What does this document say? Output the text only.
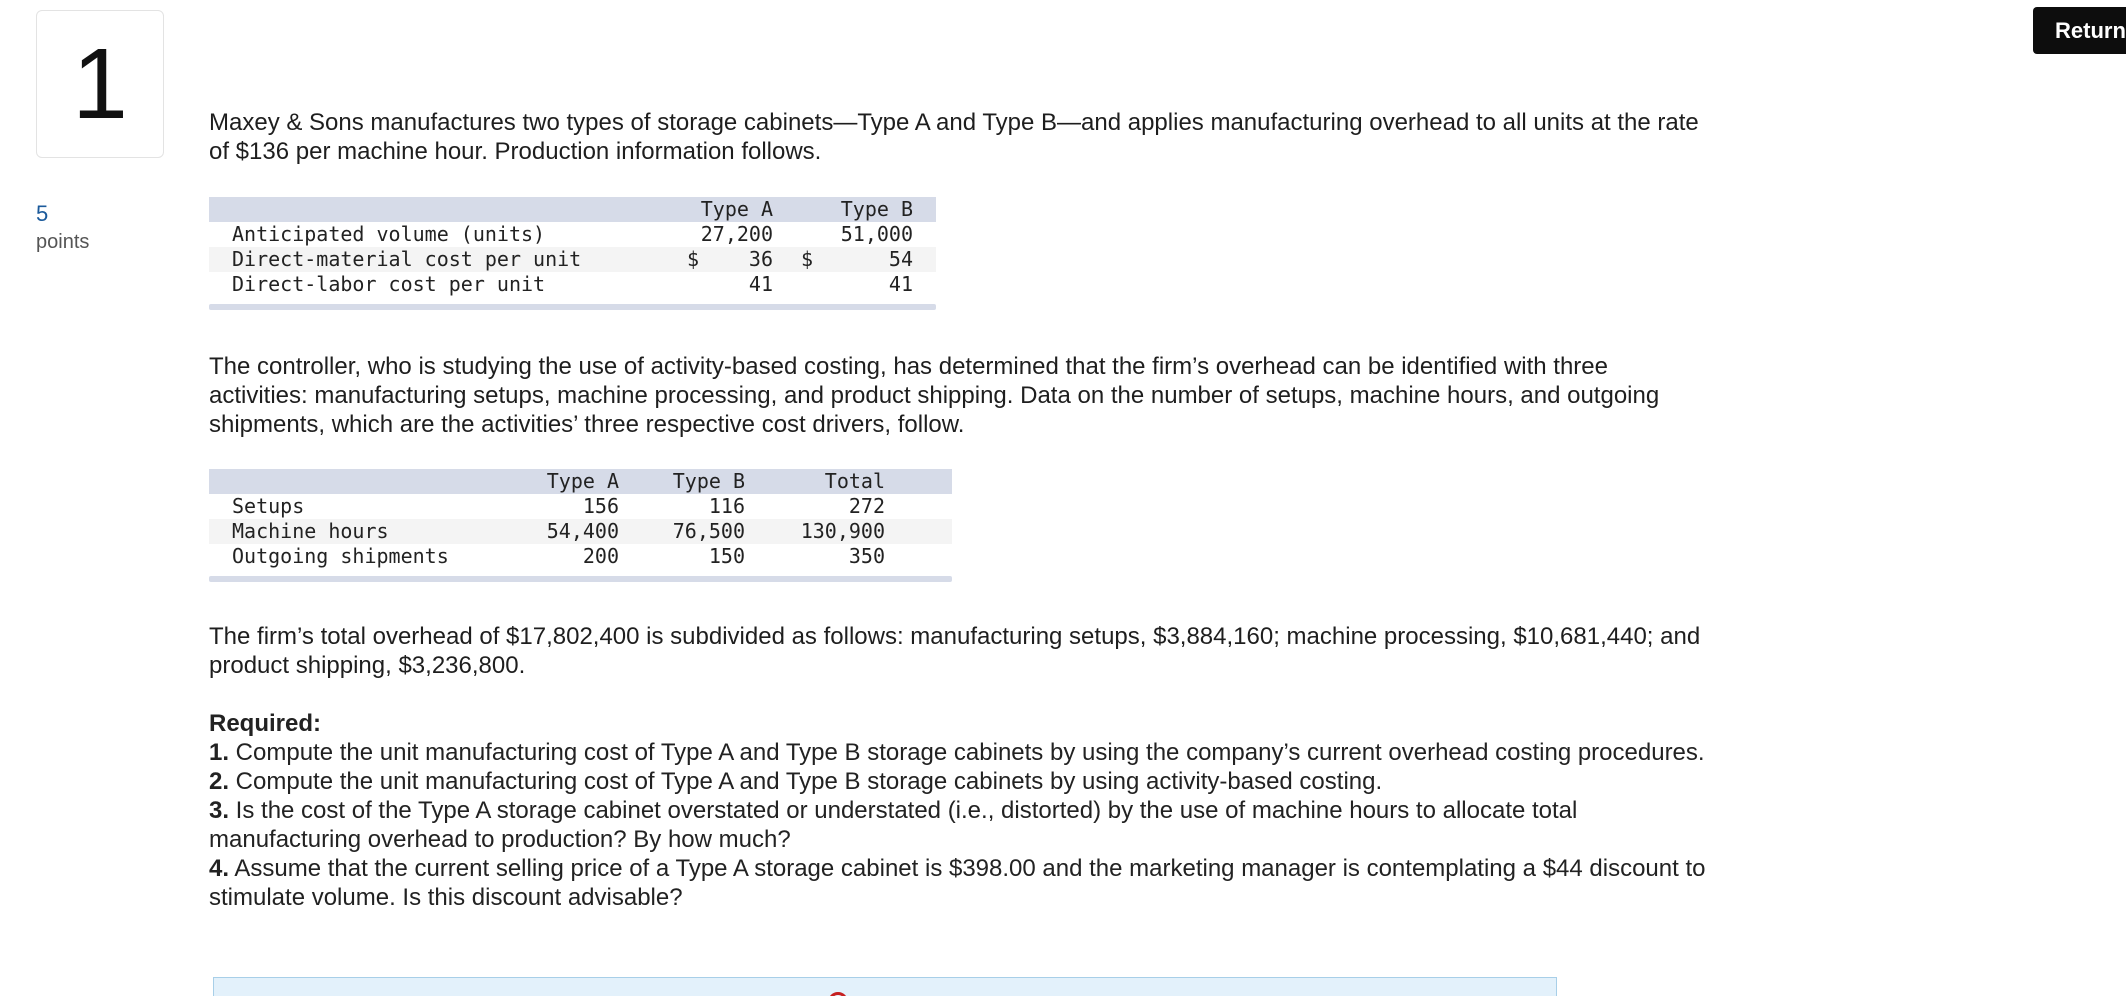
1
5
points
Return

Maxey & Sons manufactures two types of storage cabinets—Type A and Type B—and applies manufacturing overhead to all units at the rate of $136 per machine hour. Production information follows.

		Type A		Type B	
Anticipated volume (units)		27,200		51,000	
Direct-material cost per unit	$	36	$	54	
Direct-labor cost per unit		41		41	

The controller, who is studying the use of activity-based costing, has determined that the firm’s overhead can be identified with three activities: manufacturing setups, machine processing, and product shipping. Data on the number of setups, machine hours, and outgoing shipments, which are the activities’ three respective cost drivers, follow.

	Type A	Type B	Total	
Setups	156	116	272	
Machine hours	54,400	76,500	130,900	
Outgoing shipments	200	150	350	

The firm’s total overhead of $17,802,400 is subdivided as follows: manufacturing setups, $3,884,160; machine processing, $10,681,440; and product shipping, $3,236,800.

Required:

1. Compute the unit manufacturing cost of Type A and Type B storage cabinets by using the company’s current overhead costing procedures.

2. Compute the unit manufacturing cost of Type A and Type B storage cabinets by using activity-based costing.

3. Is the cost of the Type A storage cabinet overstated or understated (i.e., distorted) by the use of machine hours to allocate total manufacturing overhead to production? By how much?

4. Assume that the current selling price of a Type A storage cabinet is $398.00 and the marketing manager is contemplating a $44 discount to stimulate volume. Is this discount advisable?
